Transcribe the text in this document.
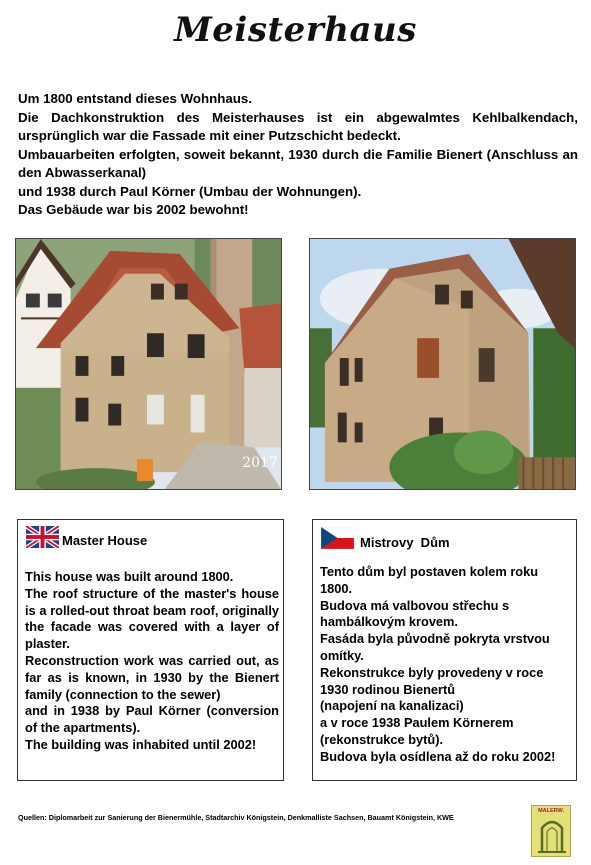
Meisterhaus

Um 1800 entstand dieses Wohnhaus.

Die Dachkonstruktion des Meisterhauses ist ein abgewalmtes Kehlbalkendach, ursprünglich war die Fassade mit einer Putzschicht bedeckt.

Umbauarbeiten erfolgten, soweit bekannt, 1930 durch die Familie Bienert (Anschluss an den Abwasserkanal)

und 1938 durch Paul Körner (Umbau der Wohnungen).

Das Gebäude war bis 2002 bewohnt!

2017
Master House

This house was built around 1800.

The roof structure of the master's house is a rolled-out throat beam roof, originally the facade was covered with a layer of plaster.

Reconstruction work was carried out, as far as is known, in 1930 by the Bienert family (connection to the sewer)

and in 1938 by Paul Körner (conversion of the apartments).

The building was inhabited until 2002!

Mistrovy  Dům

Tento dům byl postaven kolem roku 1800.

Budova má valbovou střechu s hambálkovým krovem.

Fasáda byla původně pokryta vrstvou omítky.

Rekonstrukce byly provedeny v roce 1930 rodinou Bienertů

(napojení na kanalizaci)

a v roce 1938 Paulem Körnerem

(rekonstrukce bytů).

Budova byla osídlena až do roku 2002!

Quellen: Diplomarbeit zur Sanierung der Bienermühle, Stadtarchiv Königstein, Denkmalliste Sachsen, Bauamt Königstein, KWE
MALERW.
